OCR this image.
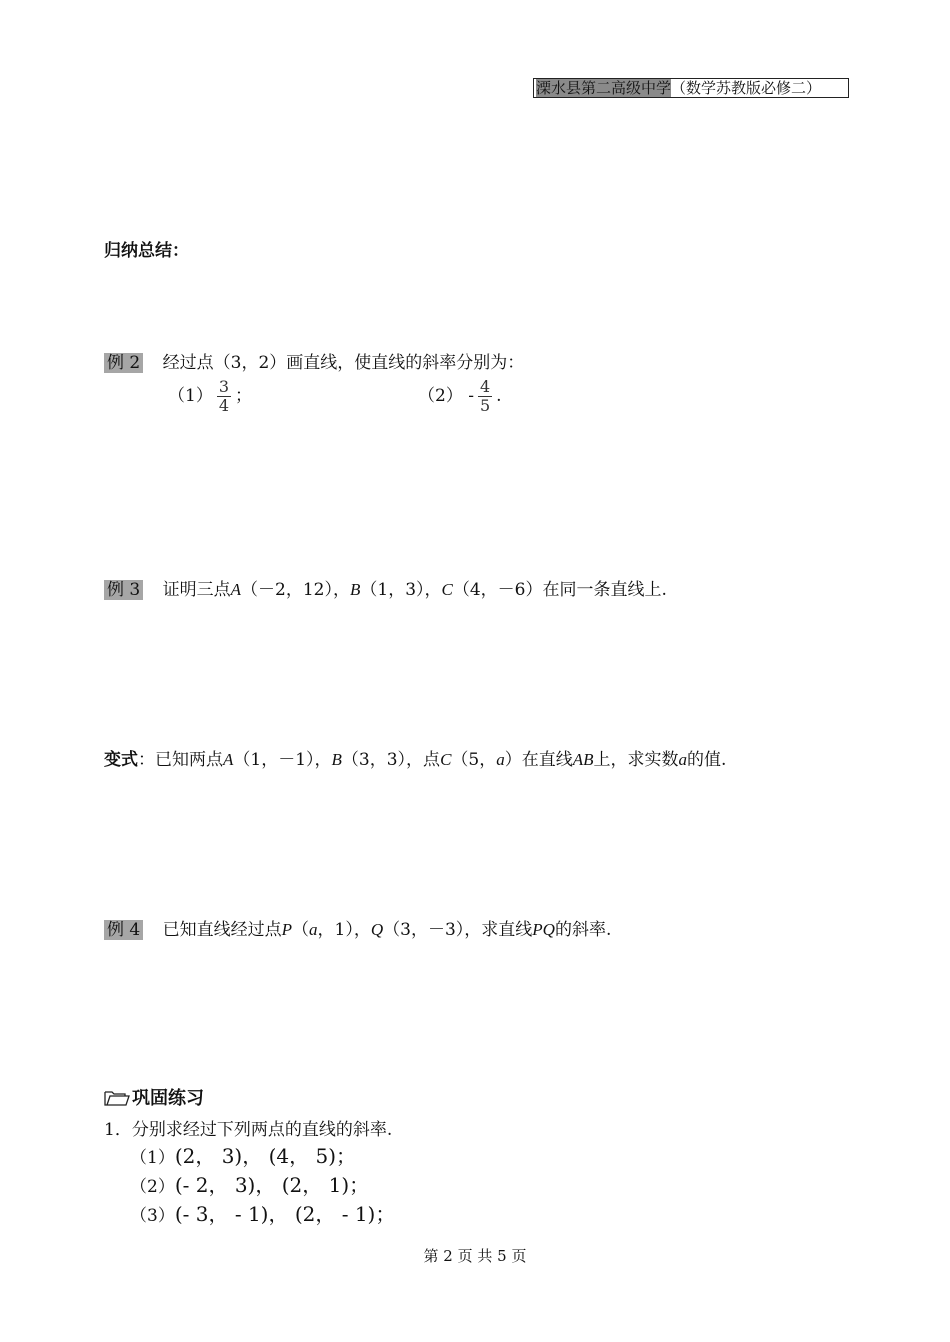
溧水县第二高级中学（数学苏教版必修二）
归纳总结：
例 2 经过点（3，2）画直线，使直线的斜率分别为：
$(1) \frac{3}{4}$ ；	$(2) - \frac{4}{5}$ .
例 3 证明三点A（－2，12），B（1，3），C（4，－6）在同一条直线上.
变式：已知两点A（1，－1），B（3，3），点C（5，a）在直线AB上，求实数a的值.
例 4 已知直线经过点P（a，1），Q（3，－3），求直线PQ的斜率.
巩固练习
1．分别求经过下列两点的直线的斜率.
（1）(2， 3)， (4， 5)；
（2）(- 2， 3)， (2， 1)；
（3）(- 3， - 1)， (2， - 1)；
第 2 页 共 5 页
